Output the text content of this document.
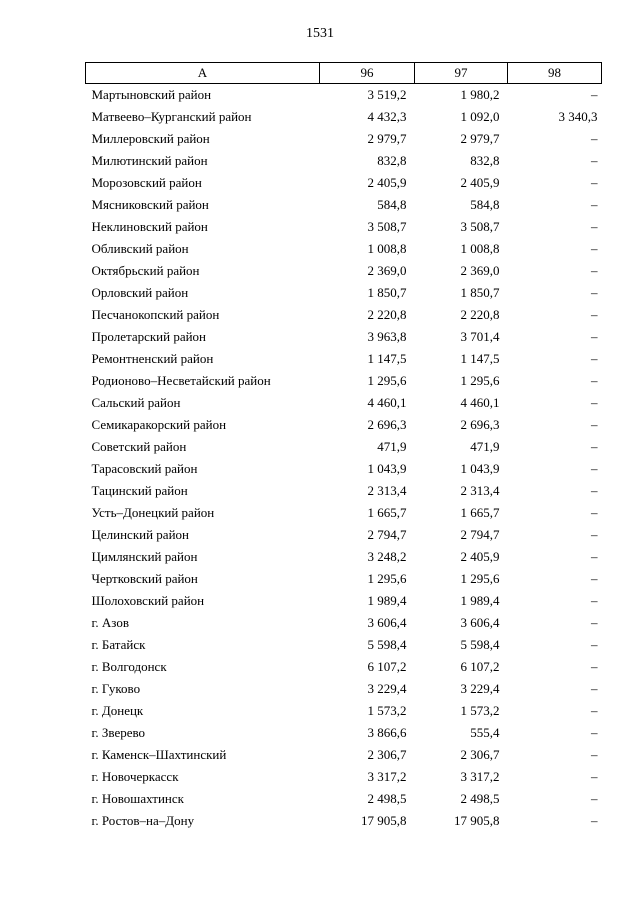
1531
А	96	97	98
Мартыновский район	3 519,2	1 980,2	–
Матвеево–Курганский район	4 432,3	1 092,0	3 340,3
Миллеровский район	2 979,7	2 979,7	–
Милютинский район	832,8	832,8	–
Морозовский район	2 405,9	2 405,9	–
Мясниковский район	584,8	584,8	–
Неклиновский район	3 508,7	3 508,7	–
Обливский район	1 008,8	1 008,8	–
Октябрьский район	2 369,0	2 369,0	–
Орловский район	1 850,7	1 850,7	–
Песчанокопский район	2 220,8	2 220,8	–
Пролетарский район	3 963,8	3 701,4	–
Ремонтненский район	1 147,5	1 147,5	–
Родионово–Несветайский район	1 295,6	1 295,6	–
Сальский район	4 460,1	4 460,1	–
Семикаракорский район	2 696,3	2 696,3	–
Советский район	471,9	471,9	–
Тарасовский район	1 043,9	1 043,9	–
Тацинский район	2 313,4	2 313,4	–
Усть–Донецкий район	1 665,7	1 665,7	–
Целинский район	2 794,7	2 794,7	–
Цимлянский район	3 248,2	2 405,9	–
Чертковский район	1 295,6	1 295,6	–
Шолоховский район	1 989,4	1 989,4	–
г. Азов	3 606,4	3 606,4	–
г. Батайск	5 598,4	5 598,4	–
г. Волгодонск	6 107,2	6 107,2	–
г. Гуково	3 229,4	3 229,4	–
г. Донецк	1 573,2	1 573,2	–
г. Зверево	3 866,6	555,4	–
г. Каменск–Шахтинский	2 306,7	2 306,7	–
г. Новочеркасск	3 317,2	3 317,2	–
г. Новошахтинск	2 498,5	2 498,5	–
г. Ростов–на–Дону	17 905,8	17 905,8	–
